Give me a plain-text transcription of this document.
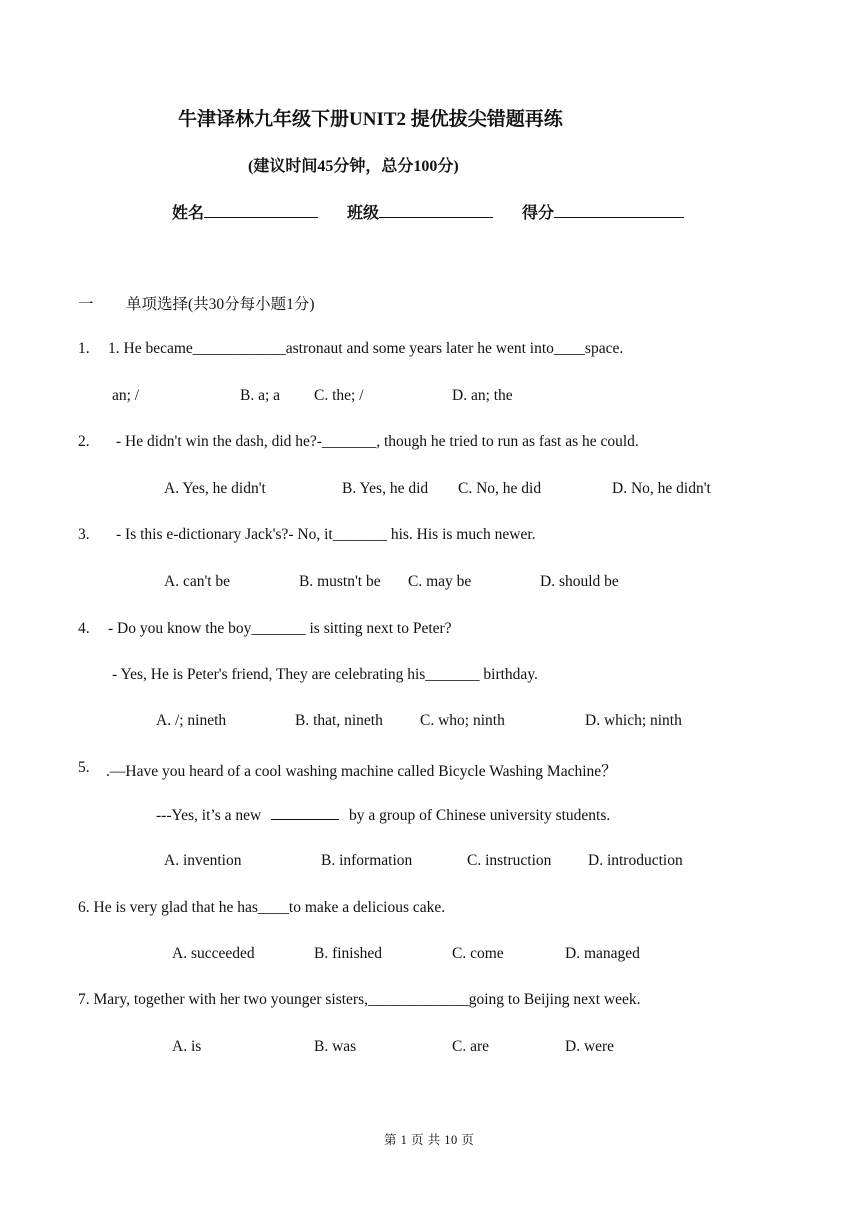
牛津译林九年级下册UNIT2 提优拔尖错题再练
(建议时间45分钟，总分100分)
姓名	班级	得分
一 单项选择(共30分每小题1分)
1. 1. He became____________astronaut and some years later he went into____space.
an; /	B. a; a C. the; /	D. an; the
2. - He didn't win the dash, did he?-_______, though he tried to run as fast as he could.
A. Yes, he didn't	B. Yes, he did C. No, he did	D. No, he didn't
3. - Is this e-dictionary Jack's?- No, it_______ his. His is much newer.
A. can't be	B. mustn't be C. may be	D. should be
4. - Do you know the boy_______ is sitting next to Peter?
- Yes, He is Peter's friend, They are celebrating his_______ birthday.
A. /; nineth	B. that, nineth C. who; ninth	D. which; ninth
5. .—Have you heard of a cool washing machine called Bicycle Washing Machine？
---Yes, it’s a new	by a group of Chinese university students.
A. invention	B. information	C. instruction D. introduction
6. He is very glad that he has____to make a delicious cake.
A. succeeded	B. finished	C. come	D. managed
7. Mary, together with her two younger sisters,_____________going to Beijing next week.
A. is	B. was	C. are	D. were
第 1 页 共 10 页
